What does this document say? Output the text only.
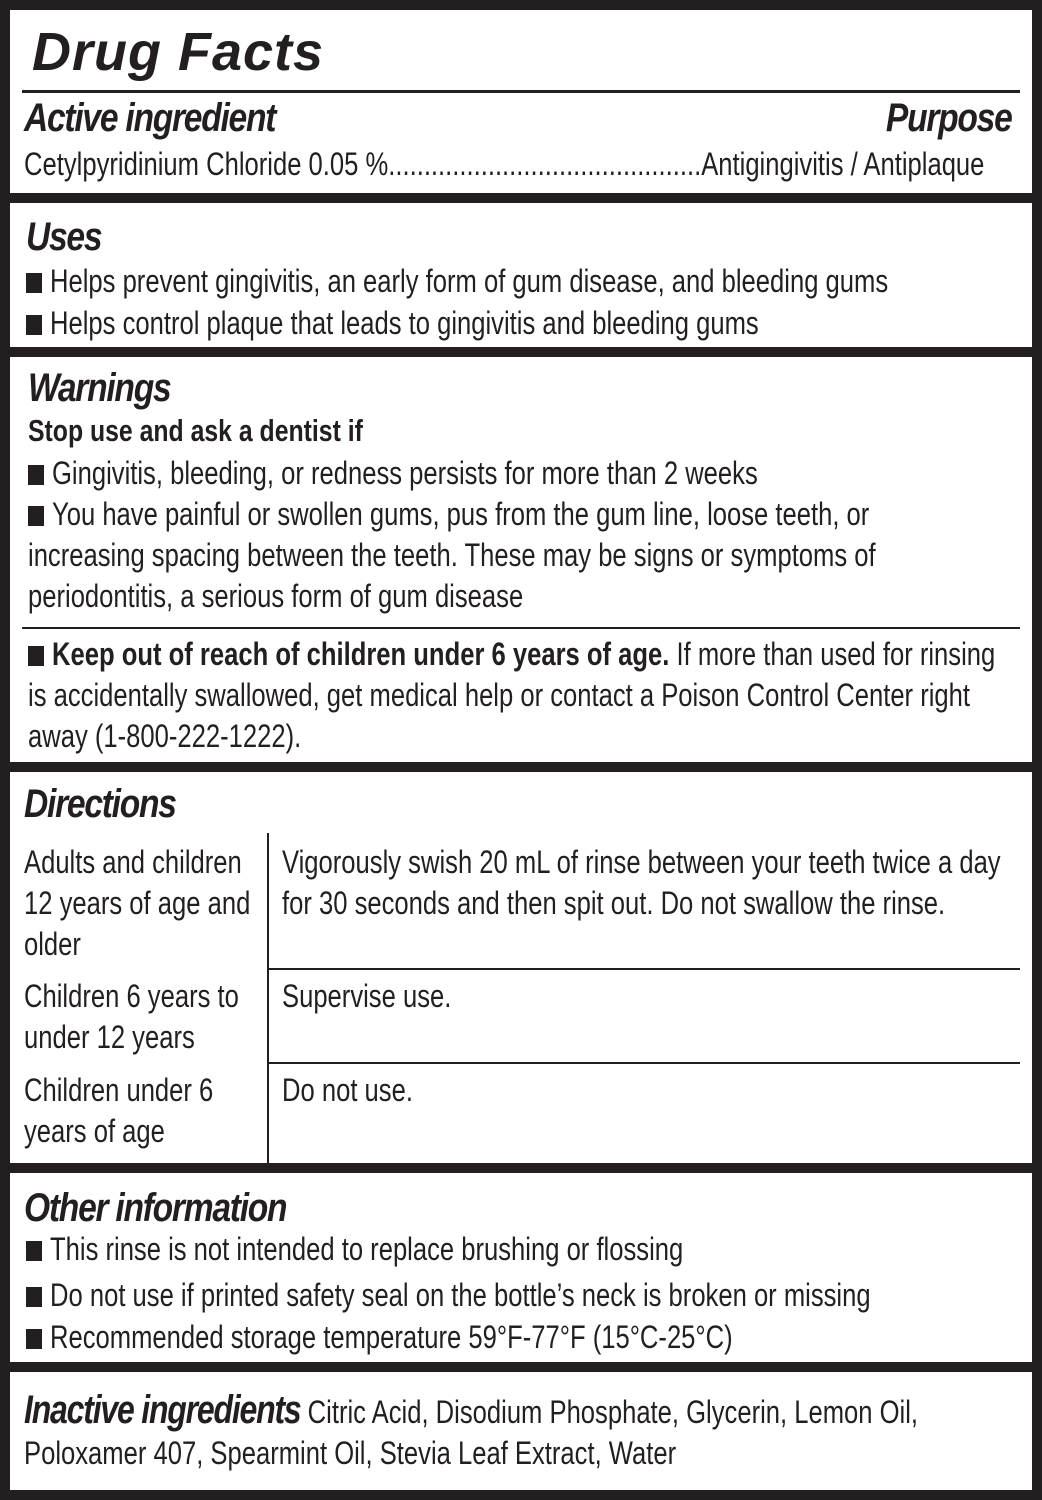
Drug Facts
Active ingredient	Purpose
Cetylpyridinium Chloride 0.05 %............................................Antigingivitis / Antiplaque
Uses
Helps prevent gingivitis, an early form of gum disease, and bleeding gums
Helps control plaque that leads to gingivitis and bleeding gums
Warnings
Stop use and ask a dentist if
Gingivitis, bleeding, or redness persists for more than 2 weeks
You have painful or swollen gums, pus from the gum line, loose teeth, or increasing spacing between the teeth. These may be signs or symptoms of periodontitis, a serious form of gum disease
Keep out of reach of children under 6 years of age. If more than used for rinsing is accidentally swallowed, get medical help or contact a Poison Control Center right away (1-800-222-1222).
Directions
Adults and children 12 years of age and older
Vigorously swish 20 mL of rinse between your teeth twice a day for 30 seconds and then spit out. Do not swallow the rinse.
Children 6 years to under 12 years
Supervise use.
Children under 6 years of age
Do not use.
Other information
This rinse is not intended to replace brushing or flossing
Do not use if printed safety seal on the bottle’s neck is broken or missing
Recommended storage temperature 59°F-77°F (15°C-25°C)
Inactive ingredients Citric Acid, Disodium Phosphate, Glycerin, Lemon Oil, Poloxamer 407, Spearmint Oil, Stevia Leaf Extract, Water
